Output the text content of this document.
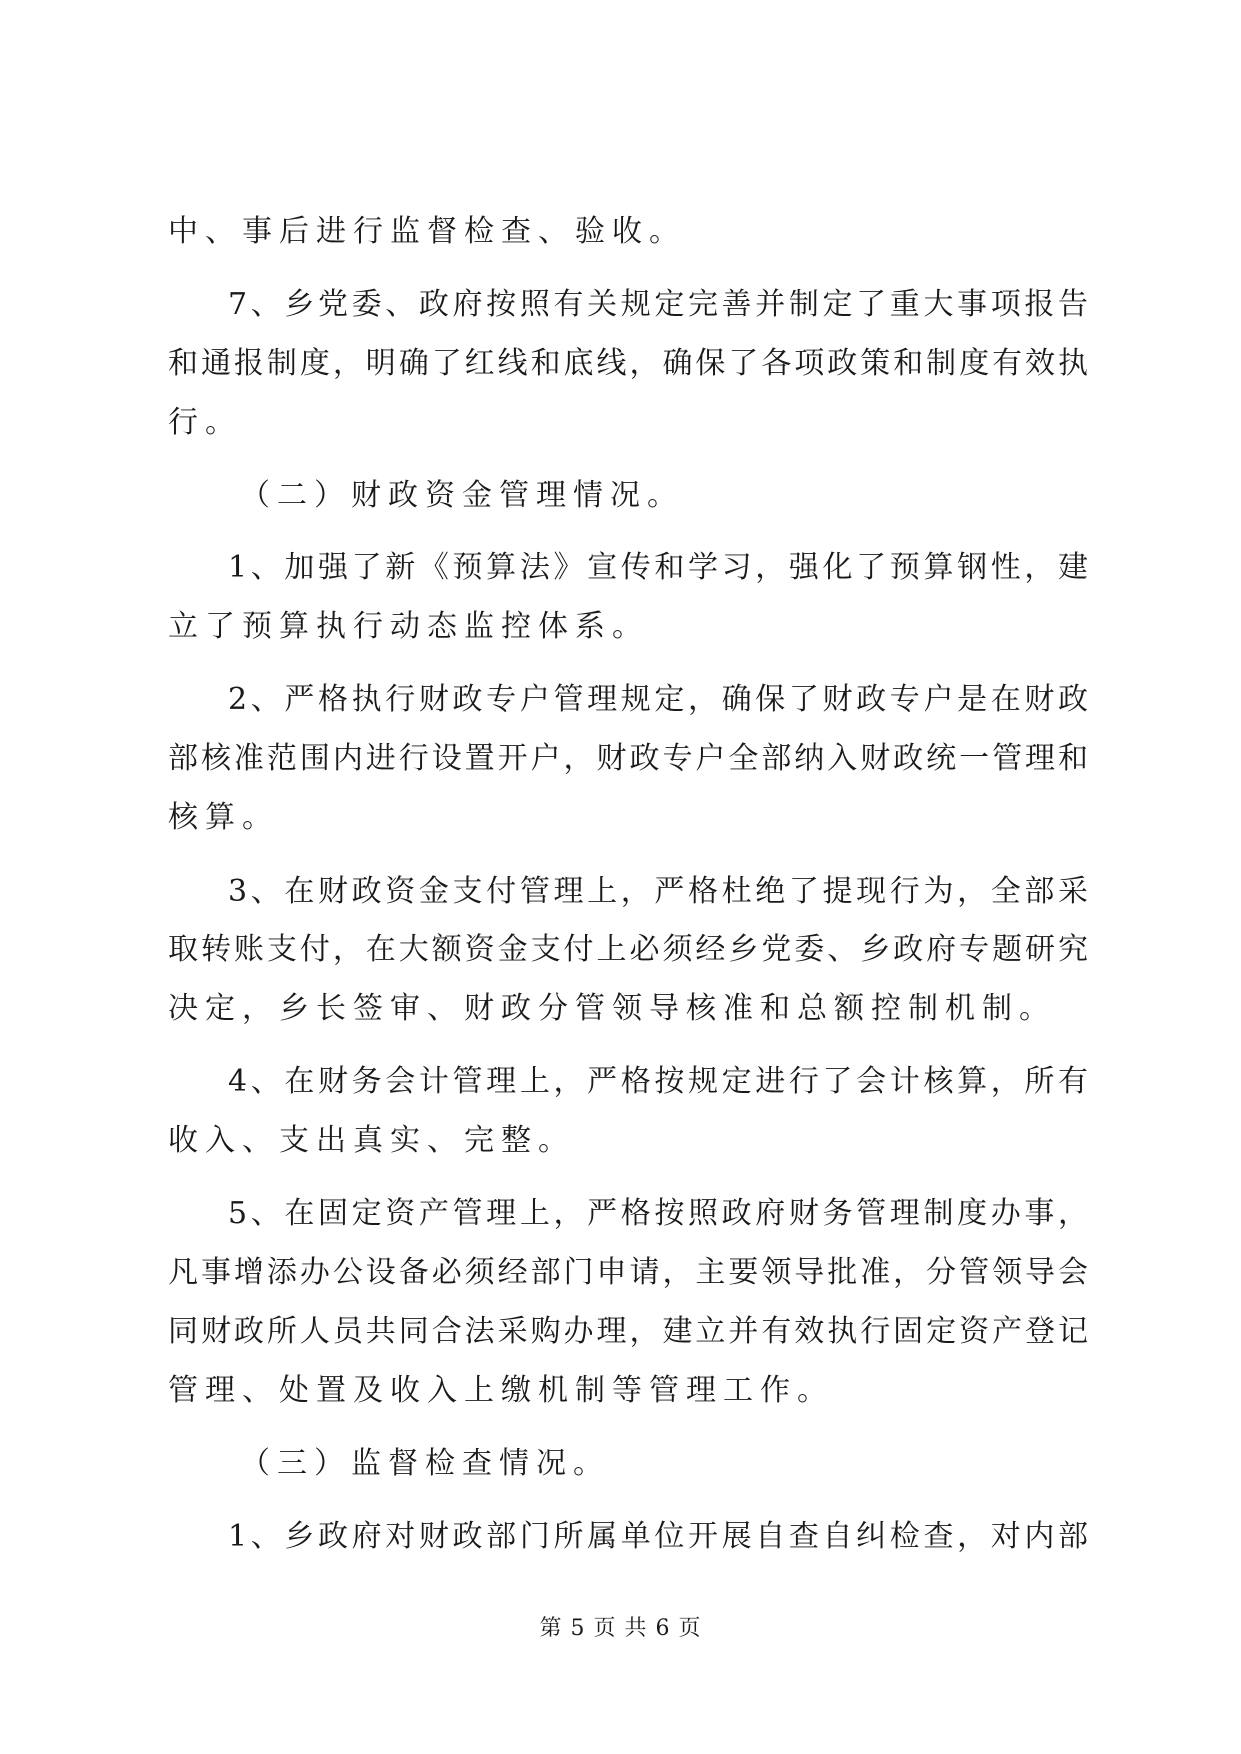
中、事后进行监督检查、验收。

7、乡党委、政府按照有关规定完善并制定了重大事项报告

和通报制度，明确了红线和底线，确保了各项政策和制度有效执

行。

（二）财政资金管理情况。

1、加强了新《预算法》宣传和学习，强化了预算钢性，建

立了预算执行动态监控体系。

2、严格执行财政专户管理规定，确保了财政专户是在财政

部核准范围内进行设置开户，财政专户全部纳入财政统一管理和

核算。

3、在财政资金支付管理上，严格杜绝了提现行为，全部采

取转账支付，在大额资金支付上必须经乡党委、乡政府专题研究

决定，乡长签审、财政分管领导核准和总额控制机制。

4、在财务会计管理上，严格按规定进行了会计核算，所有

收入、支出真实、完整。

5、在固定资产管理上，严格按照政府财务管理制度办事，

凡事增添办公设备必须经部门申请，主要领导批准，分管领导会

同财政所人员共同合法采购办理，建立并有效执行固定资产登记

管理、处置及收入上缴机制等管理工作。

（三）监督检查情况。

1、乡政府对财政部门所属单位开展自查自纠检查，对内部

第 5 页 共 6 页
